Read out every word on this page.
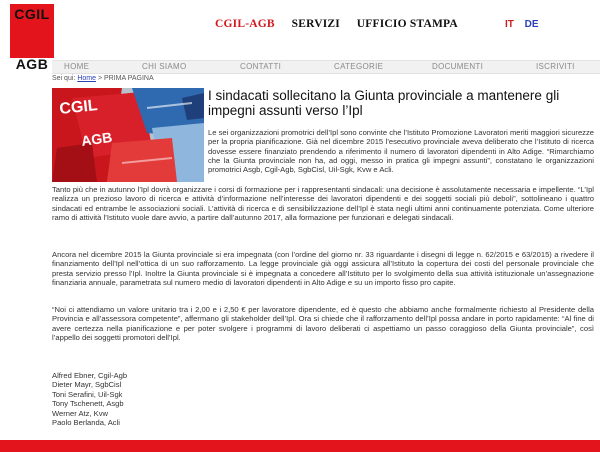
CGIL
AGB
CGIL-AGB SERVIZI UFFICIO STAMPA	IT DE
HOME	CHI SIAMO	CONTATTI	CATEGORIE	DOCUMENTI	ISCRIVITI
Sei qui: Home > PRIMA PAGINA
CGIL
AGB
I sindacati sollecitano la Giunta provinciale a mantenere gli impegni assunti verso l’Ipl

Le sei organizzazioni promotrici dell’Ipl sono convinte che l’Istituto Promozione Lavoratori meriti maggiori sicurezze per la propria pianificazione. Già nel dicembre 2015 l’esecutivo provinciale aveva deliberato che l’Istituto di ricerca dovesse essere finanziato prendendo a riferimento il numero di lavoratori dipendenti in Alto Adige. “Rimarchiamo che la Giunta provinciale non ha, ad oggi, messo in pratica gli impegni assunti”, constatano le organizzazioni promotrici Asgb, Cgil-Agb, SgbCisl, Uil-Sgk, Kvw e Acli.

Tanto più che in autunno l’Ipl dovrà organizzare i corsi di formazione per i rappresentanti sindacali: una decisione è assolutamente necessaria e impellente. “L’Ipl realizza un prezioso lavoro di ricerca e attività d’informazione nell’interesse dei lavoratori dipendenti e dei soggetti sociali più deboli”, sottolineano i quattro sindacati ed entrambe le associazioni sociali. L’attività di ricerca e di sensibilizzazione dell’Ipl è stata negli ultimi anni continuamente potenziata. Come ulteriore ramo di attività l’Istituto vuole dare avvio, a partire dall’autunno 2017, alla formazione per funzionari e delegati sindacali.

Ancora nel dicembre 2015 la Giunta provinciale si era impegnata (con l’ordine del giorno nr. 33 riguardante i disegni di legge n. 62/2015 e 63/2015) a rivedere il finanziamento dell’Ipl nell’ottica di un suo rafforzamento. La legge provinciale già oggi assicura all’Istituto la copertura dei costi del personale provinciale che presta servizio presso l’Ipl. Inoltre la Giunta provinciale si è impegnata a concedere all’Istituto per lo svolgimento della sua attività istituzionale un’assegnazione finanziaria annuale, parametrata sul numero medio di lavoratori dipendenti in Alto Adige e su un importo fisso pro capite.

“Noi ci attendiamo un valore unitario tra i 2,00 e i 2,50 € per lavoratore dipendente, ed è questo che abbiamo anche formalmente richiesto al Presidente della Provincia e all’assessora competente”, affermano gli stakeholder dell’Ipl. Ora si chiede che il rafforzamento dell’Ipl possa andare in porto rapidamente: “Al fine di avere certezza nella pianificazione e per poter svolgere i programmi di lavoro deliberati ci aspettiamo un passo coraggioso della Giunta provinciale”, così l’appello dei soggetti promotori dell’Ipl.

Alfred Ebner, Cgil-Agb
Dieter Mayr, SgbCisl
Toni Serafini, Uil-Sgk
Tony Tschenett, Asgb
Werner Atz, Kvw
Paolo Berlanda, Acli
